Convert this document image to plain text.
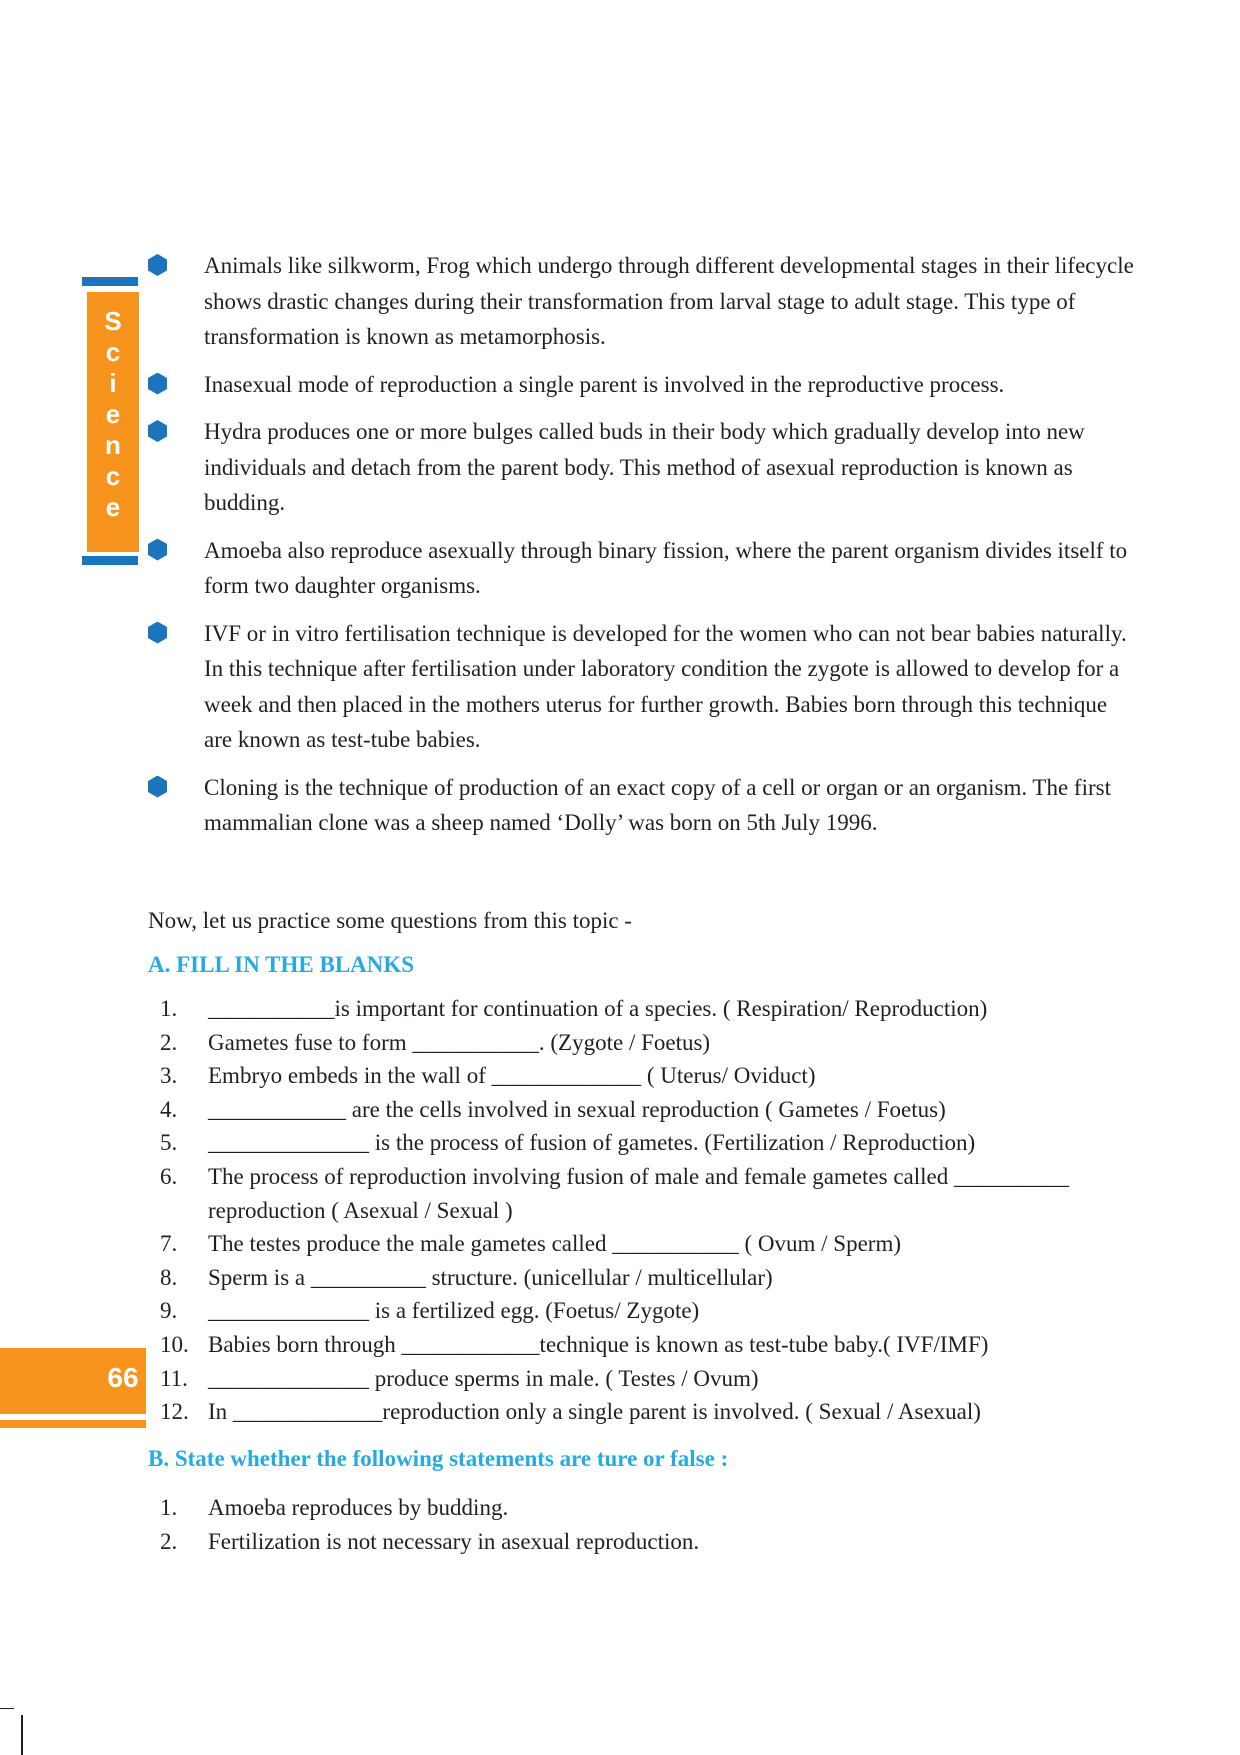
S
c
i
e
n
c
e
Animals like silkworm, Frog which undergo through different developmental stages in their lifecycle shows drastic changes during their transformation from larval stage to adult stage. This type of transformation is known as metamorphosis.
Inasexual mode of reproduction a single parent is involved in the reproductive process.
Hydra produces one or more bulges called buds in their body which gradually develop into new individuals and detach from the parent body. This method of asexual reproduction is known as budding.
Amoeba also reproduce asexually through binary fission, where the parent organism divides itself to form two daughter organisms.
IVF or in vitro fertilisation technique is developed for the women who can not bear babies naturally. In this technique after fertilisation under laboratory condition the zygote is allowed to develop for a week and then placed in the mothers uterus for further growth. Babies born through this technique are known as test-tube babies.
Cloning is the technique of production of an exact copy of a cell or organ or an organism. The first mammalian clone was a sheep named ‘Dolly’ was born on 5th July 1996.
Now, let us practice some questions from this topic -
A. FILL IN THE BLANKS
1. ___________is important for continuation of a species. ( Respiration/ Reproduction)
2. Gametes fuse to form ___________. (Zygote / Foetus)
3. Embryo embeds in the wall of _____________ ( Uterus/ Oviduct)
4. ____________ are the cells involved in sexual reproduction ( Gametes / Foetus)
5. ______________ is the process of fusion of gametes. (Fertilization / Reproduction)
6. The process of reproduction involving fusion of male and female gametes called __________ reproduction ( Asexual / Sexual )
7. The testes produce the male gametes called ___________ ( Ovum / Sperm)
8. Sperm is a __________ structure. (unicellular / multicellular)
9. ______________ is a fertilized egg. (Foetus/ Zygote)
10. Babies born through ____________technique is known as test-tube baby.( IVF/IMF)
11. ______________ produce sperms in male. ( Testes / Ovum)
12. In _____________reproduction only a single parent is involved. ( Sexual / Asexual)
B. State whether the following statements are ture or false :
1. Amoeba reproduces by budding.
2. Fertilization is not necessary in asexual reproduction.
66
